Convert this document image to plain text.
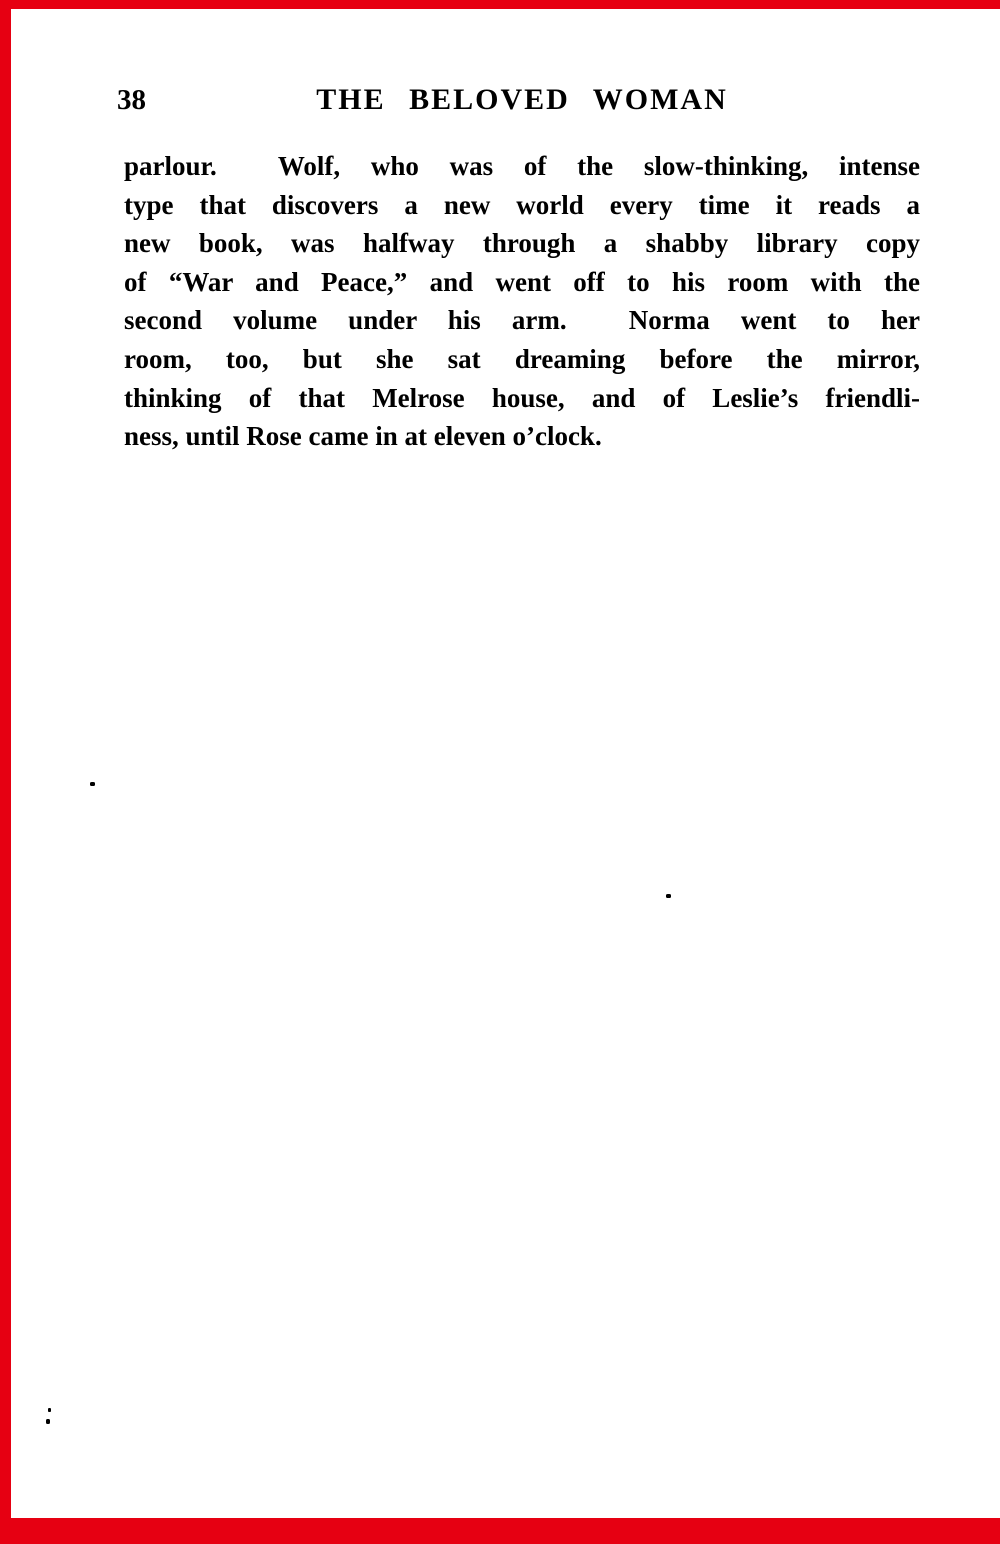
38	THE BELOVED WOMAN
parlour.  Wolf, who was of the slow-thinking, intense
type that discovers a new world every time it reads a
new book, was halfway through a shabby library copy
of “War and Peace,” and went off to his room with the
second volume under his arm.  Norma went to her
room, too, but she sat dreaming before the mirror,
thinking of that Melrose house, and of Leslie’s friendli-
ness, until Rose came in at eleven o’clock.
